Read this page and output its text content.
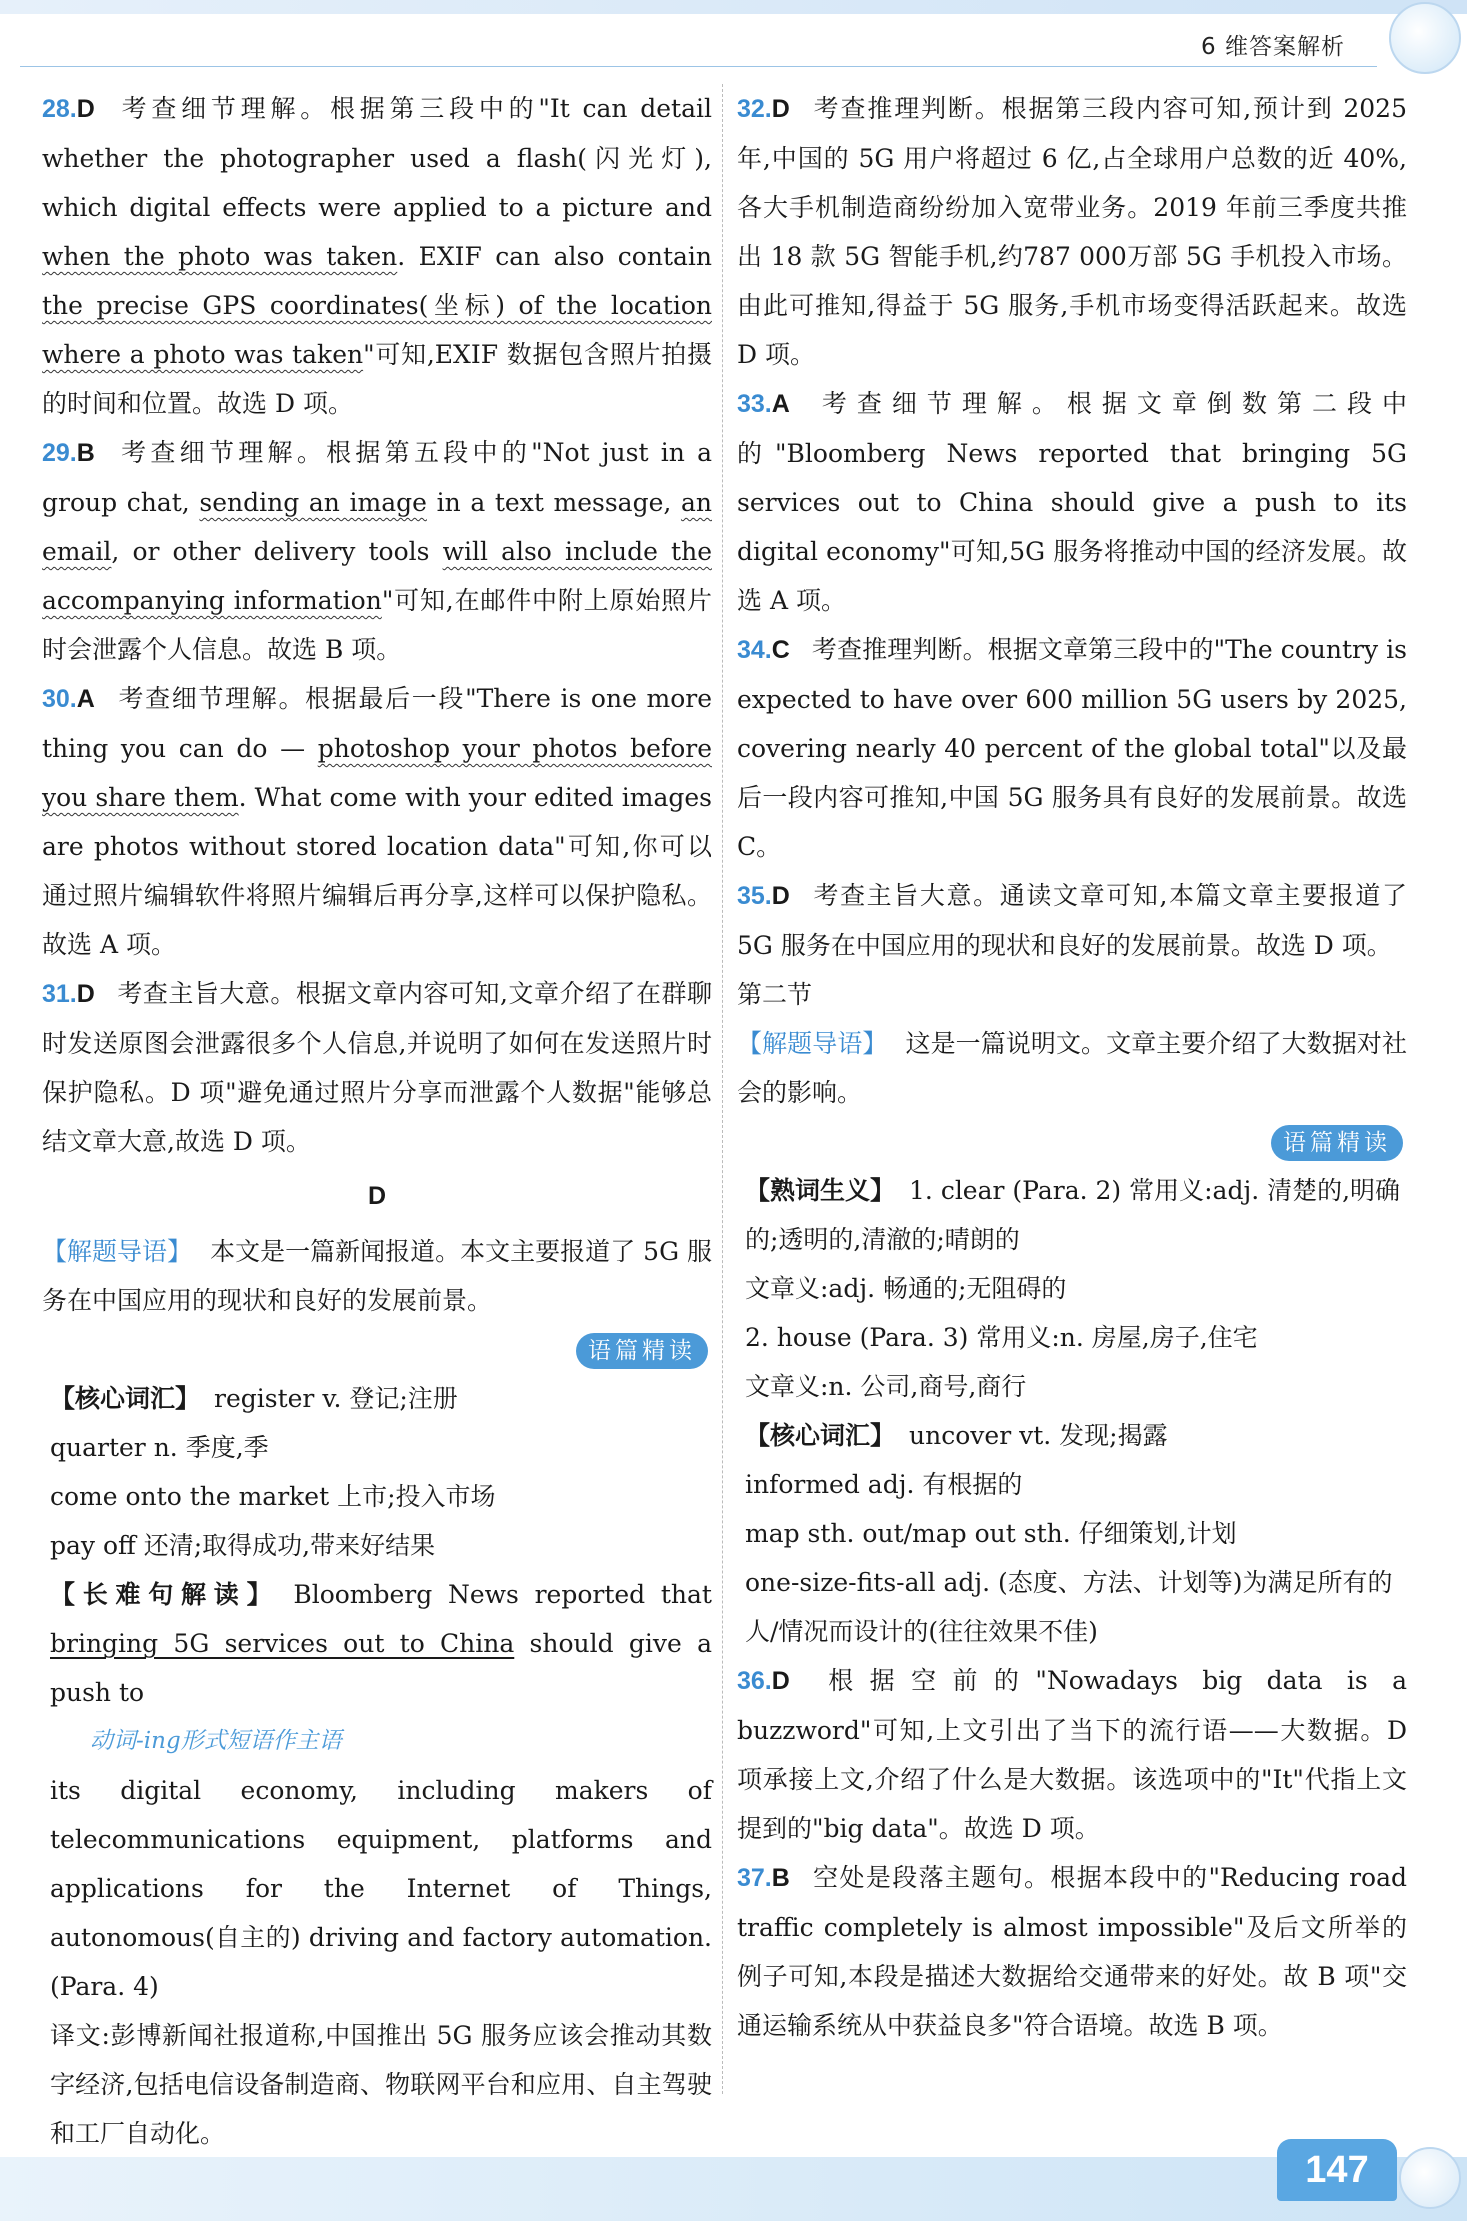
6 维答案解析

28.D 考查细节理解。根据第三段中的"It can detail whether the photographer used a flash(闪光灯), which digital effects were applied to a picture and when the photo was taken. EXIF can also contain the precise GPS coordinates(坐标) of the location where a photo was taken"可知,EXIF 数据包含照片拍摄的时间和位置。故选 D 项。

29.B 考查细节理解。根据第五段中的"Not just in a group chat, sending an image in a text message, an email, or other delivery tools will also include the accompanying information"可知,在邮件中附上原始照片时会泄露个人信息。故选 B 项。

30.A 考查细节理解。根据最后一段"There is one more thing you can do — photoshop your photos before you share them. What come with your edited images are photos without stored location data"可知,你可以通过照片编辑软件将照片编辑后再分享,这样可以保护隐私。故选 A 项。

31.D 考查主旨大意。根据文章内容可知,文章介绍了在群聊时发送原图会泄露很多个人信息,并说明了如何在发送照片时保护隐私。D 项"避免通过照片分享而泄露个人数据"能够总结文章大意,故选 D 项。

D

【解题导语】 本文是一篇新闻报道。本文主要报道了 5G 服务在中国应用的现状和良好的发展前景。

语篇精读
【核心词汇】 register v. 登记;注册
quarter n. 季度,季
come onto the market 上市;投入市场
pay off 还清;取得成功,带来好结果

【长难句解读】 Bloomberg News reported that bringing 5G services out to China should give a push to

动词-ing形式短语作主语

its digital economy, including makers of telecommunications equipment, platforms and applications for the Internet of Things, autonomous(自主的) driving and factory automation. (Para. 4)

译文:彭博新闻社报道称,中国推出 5G 服务应该会推动其数字经济,包括电信设备制造商、物联网平台和应用、自主驾驶和工厂自动化。

32.D 考查推理判断。根据第三段内容可知,预计到 2025 年,中国的 5G 用户将超过 6 亿,占全球用户总数的近 40%,各大手机制造商纷纷加入宽带业务。2019 年前三季度共推出 18 款 5G 智能手机,约787 000万部 5G 手机投入市场。由此可推知,得益于 5G 服务,手机市场变得活跃起来。故选 D 项。

33.A 考查细节理解。根据文章倒数第二段中的"Bloomberg News reported that bringing 5G services out to China should give a push to its digital economy"可知,5G 服务将推动中国的经济发展。故选 A 项。

34.C 考查推理判断。根据文章第三段中的"The country is expected to have over 600 million 5G users by 2025, covering nearly 40 percent of the global total"以及最后一段内容可推知,中国 5G 服务具有良好的发展前景。故选 C。

35.D 考查主旨大意。通读文章可知,本篇文章主要报道了 5G 服务在中国应用的现状和良好的发展前景。故选 D 项。

第二节

【解题导语】 这是一篇说明文。文章主要介绍了大数据对社会的影响。

语篇精读
【熟词生义】 1. clear (Para. 2) 常用义:adj. 清楚的,明确的;透明的,清澈的;晴朗的
文章义:adj. 畅通的;无阻碍的
2. house (Para. 3) 常用义:n. 房屋,房子,住宅
文章义:n. 公司,商号,商行
【核心词汇】 uncover vt. 发现;揭露
informed adj. 有根据的
map sth. out/map out sth. 仔细策划,计划
one-size-fits-all adj. (态度、方法、计划等)为满足所有的人/情况而设计的(往往效果不佳)

36.D 根据空前的"Nowadays big data is a buzzword"可知,上文引出了当下的流行语——大数据。D 项承接上文,介绍了什么是大数据。该选项中的"It"代指上文提到的"big data"。故选 D 项。

37.B 空处是段落主题句。根据本段中的"Reducing road traffic completely is almost impossible"及后文所举的例子可知,本段是描述大数据给交通带来的好处。故 B 项"交通运输系统从中获益良多"符合语境。故选 B 项。

147
